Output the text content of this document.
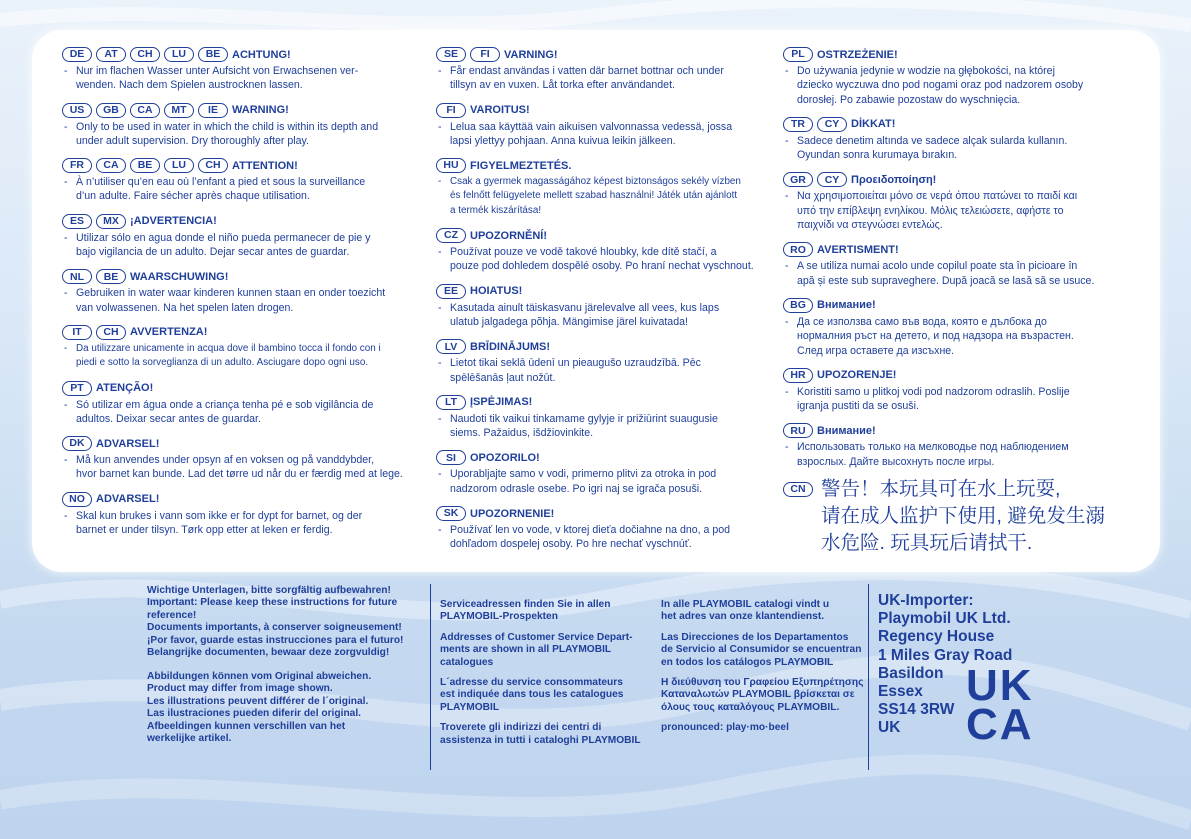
DE	AT	CH	LU	BE	ACHTUNG!
- Nur im flachen Wasser unter Aufsicht von Erwachsenen ver-
wenden. Nach dem Spielen austrocknen lassen.
US	GB	CA	MT	IE	WARNING!
- Only to be used in water in which the child is within its depth and
under adult supervision. Dry thoroughly after play.
FR	CA	BE	LU	CH	ATTENTION!
- À n’utiliser qu’en eau où l’enfant a pied et sous la surveillance
d’un adulte. Faire sécher après chaque utilisation.
ES	MX	¡ADVERTENCIA!
- Utilizar sólo en agua donde el niño pueda permanecer de pie y
bajo vigilancia de un adulto. Dejar secar antes de guardar.
NL	BE	WAARSCHUWING!
- Gebruiken in water waar kinderen kunnen staan en onder toezicht
van volwassenen. Na het spelen laten drogen.
IT	CH	AVVERTENZA!
- Da utilizzare unicamente in acqua dove il bambino tocca il fondo con i
piedi e sotto la sorveglianza di un adulto. Asciugare dopo ogni uso.
PT	ATENÇÃO!
- Só utilizar em água onde a criança tenha pé e sob vigilância de
adultos. Deixar secar antes de guardar.
DK	ADVARSEL!
- Må kun anvendes under opsyn af en voksen og på vanddybder,
hvor barnet kan bunde. Lad det tørre ud når du er færdig med at lege.
NO	ADVARSEL!
- Skal kun brukes i vann som ikke er for dypt for barnet, og der
barnet er under tilsyn. Tørk opp etter at leken er ferdig.
SE	FI	VARNING!
- Får endast användas i vatten där barnet bottnar och under
tillsyn av en vuxen. Låt torka efter användandet.
FI	VAROITUS!
- Leluа saa käyttää vain aikuisen valvonnassa vedessä, jossa
lapsi ylettyy pohjaan. Anna kuivua leikin jälkeen.
HU	FIGYELMEZTETÉS.
- Csak a gyermek magasságához képest biztonságos sekély vízben
és felnőtt felügyelete mellett szabad használni! Játék után ajánlott
a termék kiszárítása!
CZ	UPOZORNĚNÍ!
- Používat pouze ve vodě takové hloubky, kde dítě stačí, a
pouze pod dohledem dospělé osoby. Po hraní nechat vyschnout.
EE	HOIATUS!
- Kasutada ainult täiskasvanu järelevalve all vees, kus laps
ulatub jalgadega põhja. Mängimise järel kuivatada!
LV	BRĪDINĀJUMS!
- Lietot tikai seklā ūdenī un pieaugušo uzraudzībā. Pēc
spēlēšanās ļaut nožūt.
LT	ĮSPĖJIMAS!
- Naudoti tik vaikui tinkamame gylyje ir prižiūrint suaugusie
siems. Pažaidus, išdžiovinkite.
SI	OPOZORILO!
- Uporabljajte samo v vodi, primerno plitvi za otroka in pod
nadzorom odrasle osebe. Po igri naj se igrača posuši.
SK	UPOZORNENIE!
- Používať len vo vode, v ktorej dieťa dočiahne na dno, a pod
dohľadom dospelej osoby. Po hre nechať vyschnúť.
PL	OSTRZEŻENIE!
- Do używania jedynie w wodzie na głębokości, na której
dziecko wyczuwa dno pod nogami oraz pod nadzorem osoby
dorosłej. Po zabawie pozostaw do wyschnięcia.
TR	CY	DİKKAT!
- Sadece denetim altında ve sadece alçak sularda kullanın.
Oyundan sonra kurumaya bırakın.
GR	CY	Προειδοποίηση!
- Να χρησιμοποιείται μόνο σε νερά όπου πατώνει το παιδί και
υπό την επίβλεψη ενηλίκου. Μόλις τελειώσετε, αφήστε το
παιχνίδι να στεγνώσει εντελώς.
RO	AVERTISMENT!
- A se utiliza numai acolo unde copilul poate sta în picioare în
apă și este sub supraveghere. După joacă se lasă să se usuce.
BG	Внимание!
- Да се използва само във вода, която е дълбока до
нормалния ръст на детето, и под надзора на възрастен.
След игра оставете да изсъхне.
HR	UPOZORENJE!
- Koristiti samo u plitkoj vodi pod nadzorom odraslih. Poslije
igranja pustiti da se osuši.
RU	Внимание!
- Использовать только на мелководье под наблюдением
взрослых. Дайте высохнуть после игры.
CN 警告！本玩具可在水上玩耍,
请在成人监护下使用, 避免发生溺
水危险. 玩具玩后请拭干.
Wichtige Unterlagen, bitte sorgfältig aufbewahren!
Important: Please keep these instructions for future reference!
Documents importants, à conserver soigneusement!
¡Por favor, guarde estas instrucciones para el futuro!
Belangrijke documenten, bewaar deze zorgvuldig!
Abbildungen können vom Original abweichen.
Product may differ from image shown.
Les illustrations peuvent différer de l´original.
Las ilustraciones pueden diferir del original.
Afbeeldingen kunnen verschillen van het
werkelijke artikel.
Serviceadressen finden Sie in allen
PLAYMOBIL-Prospekten
Addresses of Customer Service Depart-
ments are shown in all PLAYMOBIL
catalogues
L´adresse du service consommateurs
est indiquée dans tous les catalogues
PLAYMOBIL
Troverete gli indirizzi dei centri di
assistenza in tutti i cataloghi PLAYMOBIL
In alle PLAYMOBIL catalogi vindt u
het adres van onze klantendienst.
Las Direcciones de los Departamentos
de Servicio al Consumidor se encuentran
en todos los catálogos PLAYMOBIL
Η διεύθυνση του Γραφείου Εξυπηρέτησης
Καταναλωτών PLAYMOBIL βρίσκεται σε
όλους τους καταλόγους PLAYMOBIL.
pronounced: play·mo·beel
UK-Importer:
Playmobil UK Ltd.
Regency House
1 Miles Gray Road
Basildon
Essex
SS14 3RW
UK
UK
CA
